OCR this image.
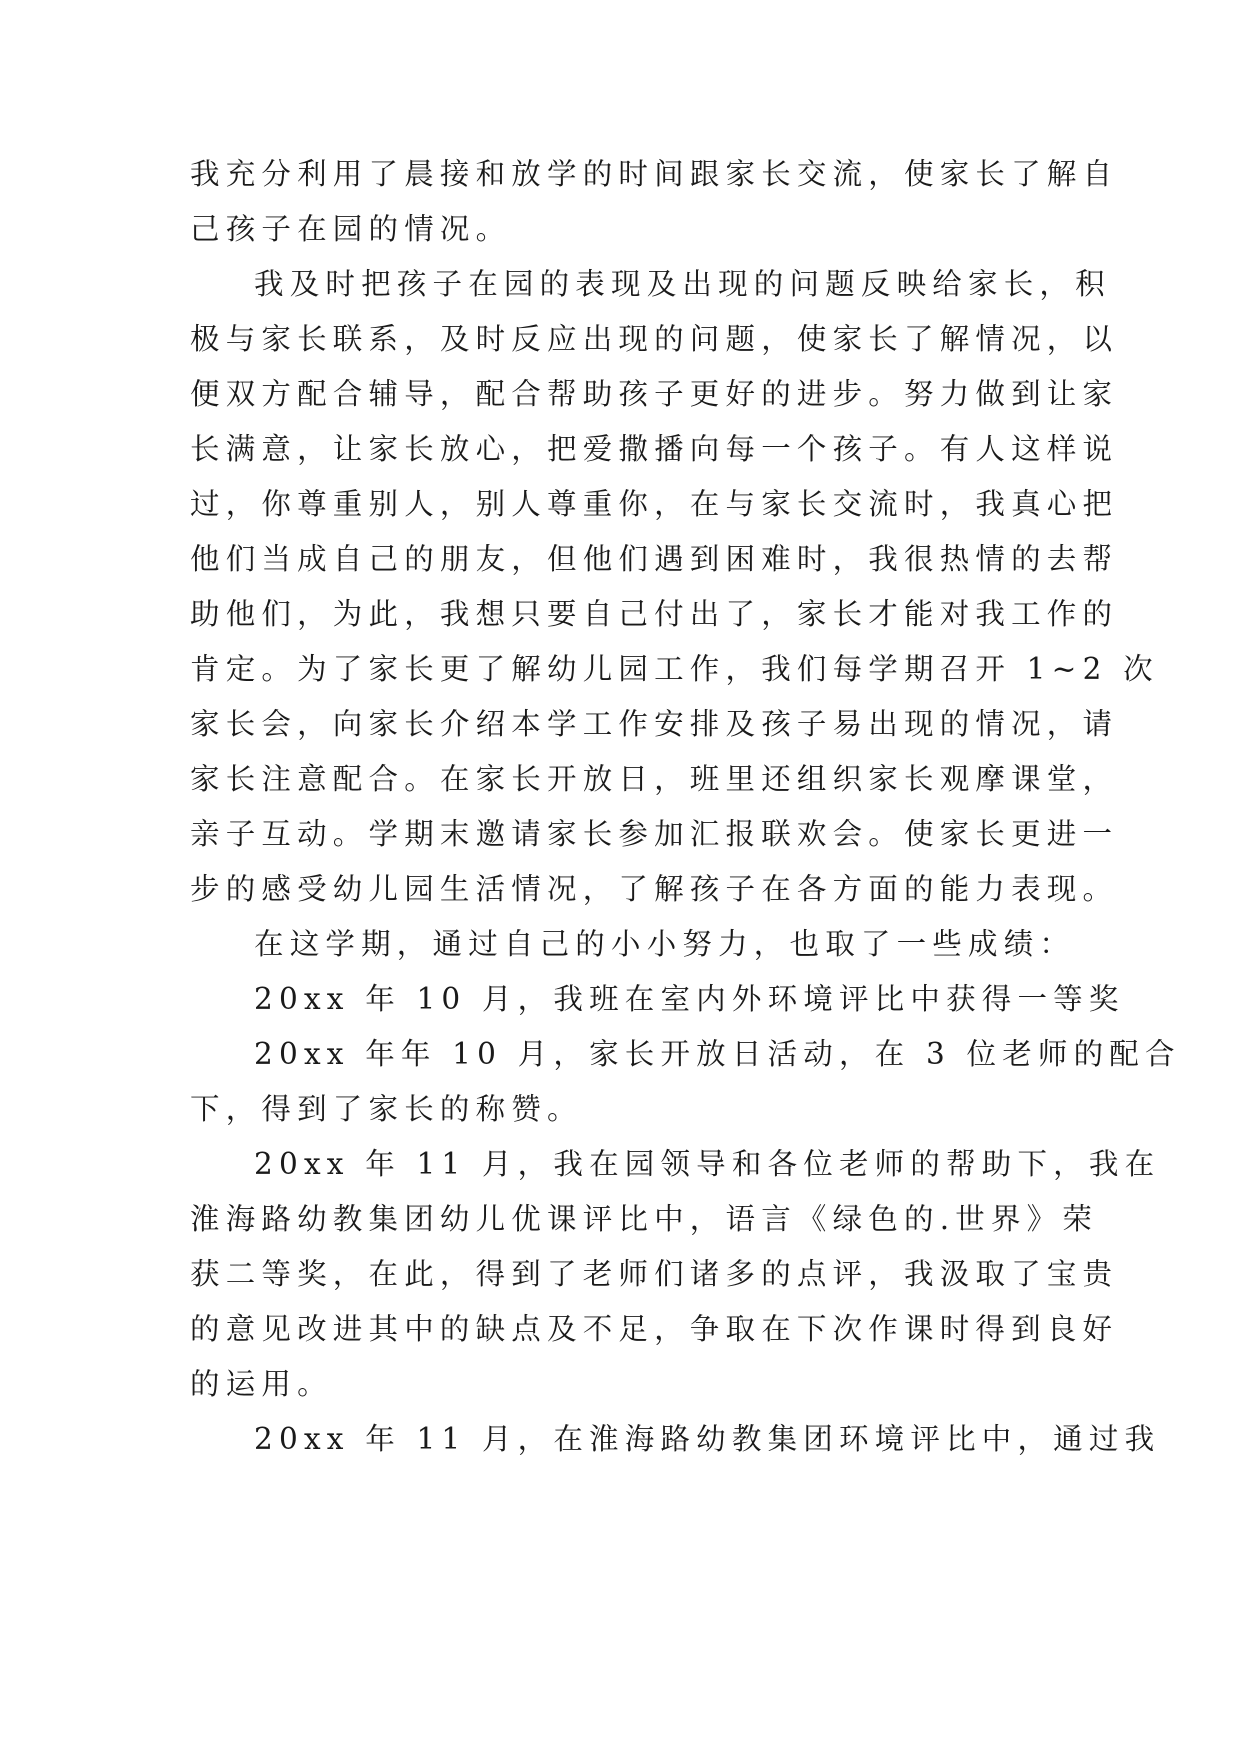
我充分利用了晨接和放学的时间跟家长交流，使家长了解自
己孩子在园的情况。
我及时把孩子在园的表现及出现的问题反映给家长，积
极与家长联系，及时反应出现的问题，使家长了解情况，以
便双方配合辅导，配合帮助孩子更好的进步。努力做到让家
长满意，让家长放心，把爱撒播向每一个孩子。有人这样说
过，你尊重别人，别人尊重你，在与家长交流时，我真心把
他们当成自己的朋友，但他们遇到困难时，我很热情的去帮
助他们，为此，我想只要自己付出了，家长才能对我工作的
肯定。为了家长更了解幼儿园工作，我们每学期召开 1~2 次
家长会，向家长介绍本学工作安排及孩子易出现的情况，请
家长注意配合。在家长开放日，班里还组织家长观摩课堂，
亲子互动。学期末邀请家长参加汇报联欢会。使家长更进一
步的感受幼儿园生活情况，了解孩子在各方面的能力表现。
在这学期，通过自己的小小努力，也取了一些成绩：
20xx 年 10 月，我班在室内外环境评比中获得一等奖
20xx 年年 10 月，家长开放日活动，在 3 位老师的配合
下，得到了家长的称赞。
20xx 年 11 月，我在园领导和各位老师的帮助下，我在
淮海路幼教集团幼儿优课评比中，语言《绿色的.世界》荣
获二等奖，在此，得到了老师们诸多的点评，我汲取了宝贵
的意见改进其中的缺点及不足，争取在下次作课时得到良好
的运用。
20xx 年 11 月，在淮海路幼教集团环境评比中，通过我
